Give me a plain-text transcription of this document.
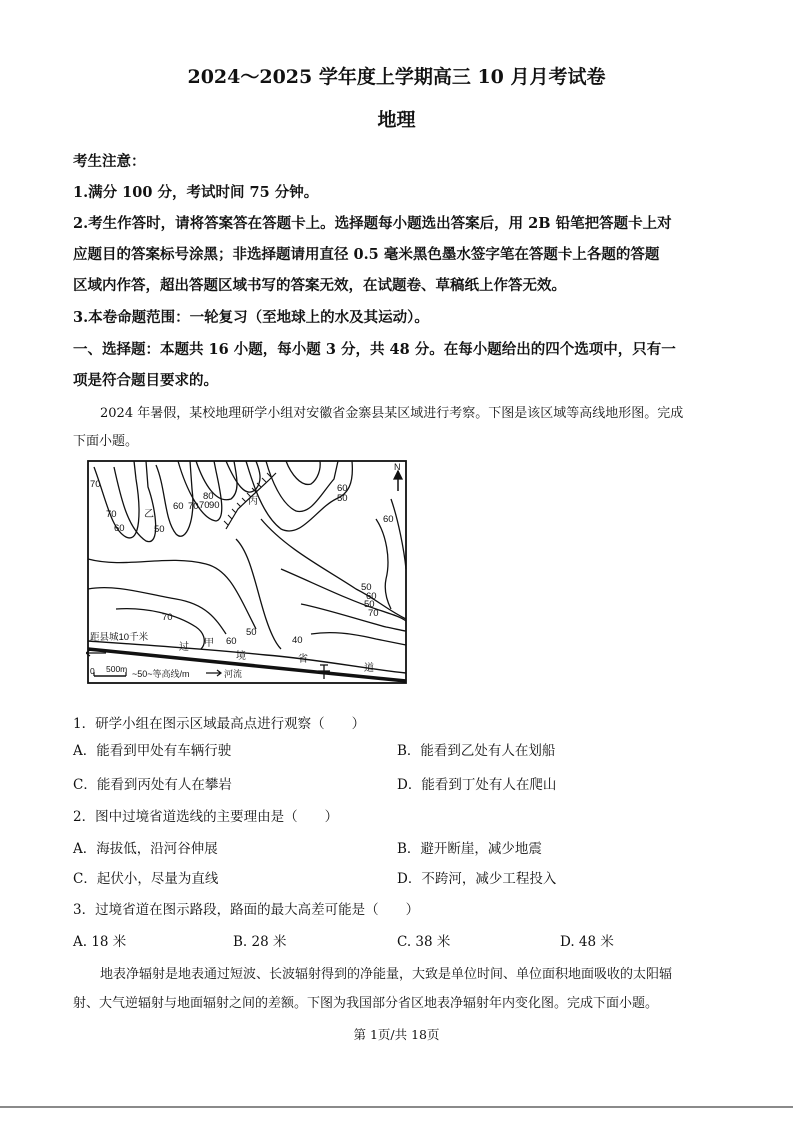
2024～2025 学年度上学期高三 10 月月考试卷
地理
考生注意：
1.满分 100 分，考试时间 75 分钟。
2.考生作答时，请将答案答在答题卡上。选择题每小题选出答案后，用 2B 铅笔把答题卡上对
应题目的答案标号涂黑；非选择题请用直径 0.5 毫米黑色墨水签字笔在答题卡上各题的答题
区域内作答，超出答题区域书写的答案无效，在试题卷、草稿纸上作答无效。
3.本卷命题范围：一轮复习（至地球上的水及其运动）。
一、选择题：本题共 16 小题，每小题 3 分，共 48 分。在每小题给出的四个选项中，只有一
项是符合题目要求的。
2024 年暑假，某校地理研学小组对安徽省金寨县某区域进行考察。下图是该区域等高线地形图。完成
下面小题。
70
70
60	50
60 70
80
70 90
60
50
60
50
60
50
70
70
60
50
40
乙
丙
N
距县城10千米
过 甲
境	省
道
0 500m ~50~等高线/m	河流
1．研学小组在图示区域最高点进行观察（　　）
A．能看到甲处有车辆行驶	B．能看到乙处有人在划船
C．能看到丙处有人在攀岩	D．能看到丁处有人在爬山
2．图中过境省道选线的主要理由是（　　）
A．海拔低，沿河谷伸展	B．避开断崖，减少地震
C．起伏小，尽量为直线	D．不跨河，减少工程投入
3．过境省道在图示路段，路面的最大高差可能是（　　）
A. 18 米	B. 28 米	C. 38 米	D. 48 米
地表净辐射是地表通过短波、长波辐射得到的净能量，大致是单位时间、单位面积地面吸收的太阳辐
射、大气逆辐射与地面辐射之间的差额。下图为我国部分省区地表净辐射年内变化图。完成下面小题。
第 1页/共 18页
